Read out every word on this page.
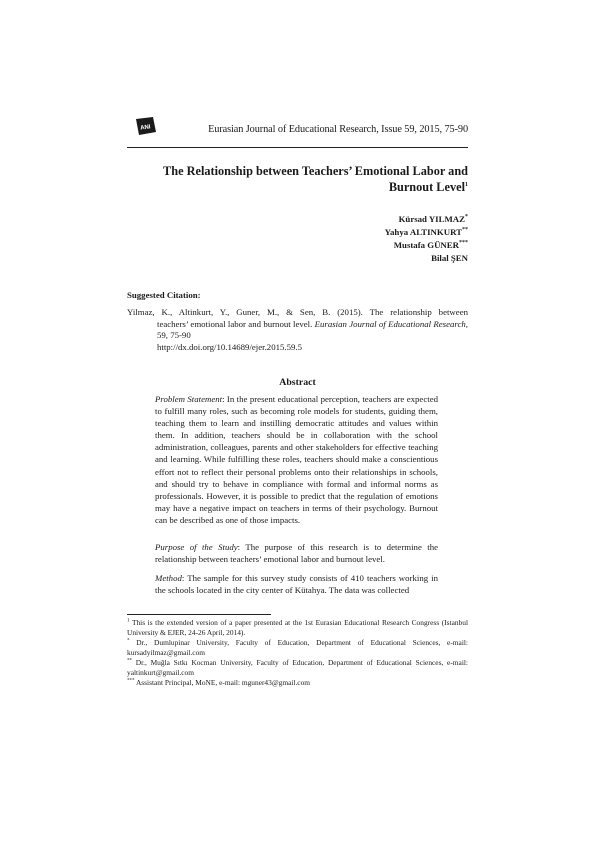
ANI	Eurasian Journal of Educational Research, Issue 59, 2015, 75-90
The Relationship between Teachers’ Emotional Labor and
Burnout Level$^1$
Kürsad YILMAZ*
Yahya ALTINKURT**
Mustafa GÜNER***
Bilal ŞEN
Suggested Citation:
Yilmaz, K., Altinkurt, Y., Guner, M., & Sen, B. (2015). The relationship between
teachers’ emotional labor and burnout level. Eurasian Journal of Educational Research, 59, 75-90
http://dx.doi.org/10.14689/ejer.2015.59.5
Abstract

Problem Statement: In the present educational perception, teachers are expected to fulfill many roles, such as becoming role models for students, guiding them, teaching them to learn and instilling democratic attitudes and values within them. In addition, teachers should be in collaboration with the school administration, colleagues, parents and other stakeholders for effective teaching and learning. While fulfilling these roles, teachers should make a conscientious effort not to reflect their personal problems onto their relationships in schools, and should try to behave in compliance with formal and informal norms as professionals. However, it is possible to predict that the regulation of emotions may have a negative impact on teachers in terms of their psychology. Burnout can be described as one of those impacts.

Purpose of the Study: The purpose of this research is to determine the relationship between teachers’ emotional labor and burnout level.

Method: The sample for this survey study consists of 410 teachers working in the schools located in the city center of Kütahya. The data was collected

$^1$ This is the extended version of a paper presented at the 1st Eurasian Educational Research Congress (Istanbul University & EJER, 24-26 April, 2014).

* Dr., Dumlupinar University, Faculty of Education, Department of Educational Sciences, e-mail: kursadyilmaz@gmail.com

** Dr., Muğla Sıtkı Kocman University, Faculty of Education, Department of Educational Sciences, e-mail: yaltinkurt@gmail.com

*** Assistant Principal, MoNE, e-mail: mguner43@gmail.com
